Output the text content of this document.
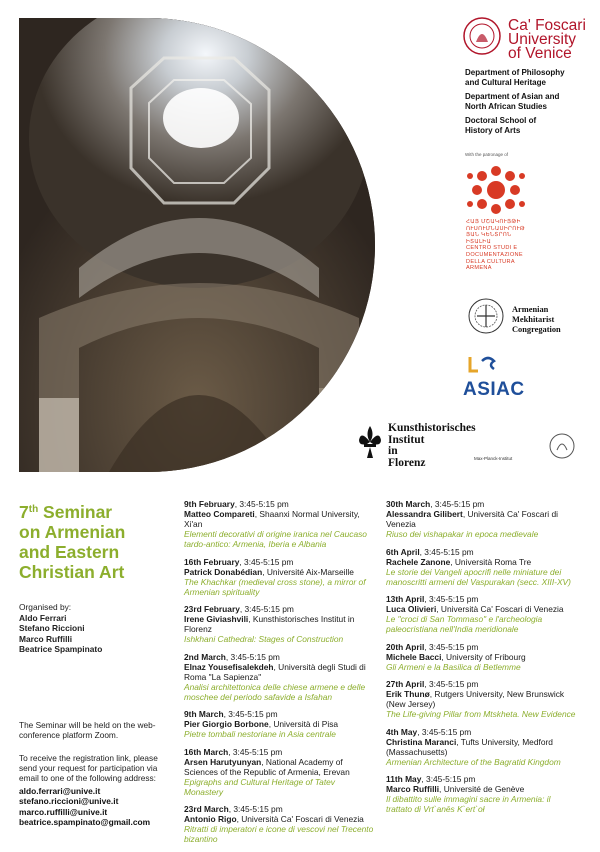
Ca' Foscari
University
of Venice
Department of Philosophy
and Cultural Heritage
Department of Asian and
North African Studies
Doctoral School of
History of Arts
With the patronage of
ՀԱՅ ՄՇԱԿՈՒՅԹԻ
ՈՒՍՈՒՄՆԱՍԻՐՈՒԹ
ՅԱՆ ԿԵՆՏՐՈՆ
ԻՏԱԼԻԱ
CENTRO STUDI E
DOCUMENTAZIONE
DELLA CULTURA
ARMENA
Armenian
Mekhitarist
Congregation
ASIAC
Kunsthistorisches
Institut
in
Florenz	Max-Planck-Institut
7th Seminar
on Armenian
and Eastern
Christian Art
Organised by:
Aldo Ferrari
Stefano Riccioni
Marco Ruffilli
Beatrice Spampinato
The Seminar will be held on the web-conference platform Zoom.
To receive the registration link, please send your request for participation via email to one of the following address:
aldo.ferrari@unive.it
stefano.riccioni@unive.it
marco.ruffilli@unive.it
beatrice.spampinato@gmail.com
9th February, 3:45-5:15 pm
Matteo Compareti, Shaanxi Normal University, Xi'an
Elementi decorativi di origine iranica nel Caucaso tardo-antico: Armenia, Iberia e Albania
16th February, 3:45-5:15 pm
Patrick Donabédian, Université Aix-Marseille
The Khachkar (medieval cross stone), a mirror of Armenian spirituality
23rd February, 3:45-5:15 pm
Irene Giviashvili, Kunsthistorisches Institut in Florenz
Ishkhani Cathedral: Stages of Construction
2nd March, 3:45-5:15 pm
Elnaz Yousefisalekdeh, Università degli Studi di Roma "La Sapienza"
Analisi architettonica delle chiese armene e delle moschee del periodo safavide a Isfahan
9th March, 3:45-5:15 pm
Pier Giorgio Borbone, Università di Pisa
Pietre tombali nestoriane in Asia centrale
16th March, 3:45-5:15 pm
Arsen Harutyunyan, National Academy of Sciences of the Republic of Armenia, Erevan
Epigraphs and Cultural Heritage of Tatev Monastery
23rd March, 3:45-5:15 pm
Antonio Rigo, Università Ca' Foscari di Venezia
Ritratti di imperatori e icone di vescovi nel Trecento bizantino
30th March, 3:45-5:15 pm
Alessandra Gilibert, Università Ca' Foscari di Venezia
Riuso dei vishapakar in epoca medievale
6th April, 3:45-5:15 pm
Rachele Zanone, Università Roma Tre
Le storie dei Vangeli apocrifi nelle miniature dei manoscritti armeni del Vaspurakan (secc. XIII-XV)
13th April, 3:45-5:15 pm
Luca Olivieri, Università Ca' Foscari di Venezia
Le "croci di San Tommaso" e l'archeologia paleocristiana nell'India meridionale
20th April, 3:45-5:15 pm
Michele Bacci, University of Fribourg
Gli Armeni e la Basilica di Betlemme
27th April, 3:45-5:15 pm
Erik Thunø, Rutgers University, New Brunswick (New Jersey)
The Life-giving Pillar from Mtskheta. New Evidence
4th May, 3:45-5:15 pm
Christina Maranci, Tufts University, Medford (Massachusetts)
Armenian Architecture of the Bagratid Kingdom
11th May, 3:45-5:15 pm
Marco Ruffilli, Université de Genève
Il dibattito sulle immagini sacre in Armenia: il trattato di Vrt`anēs K`ert`oł
